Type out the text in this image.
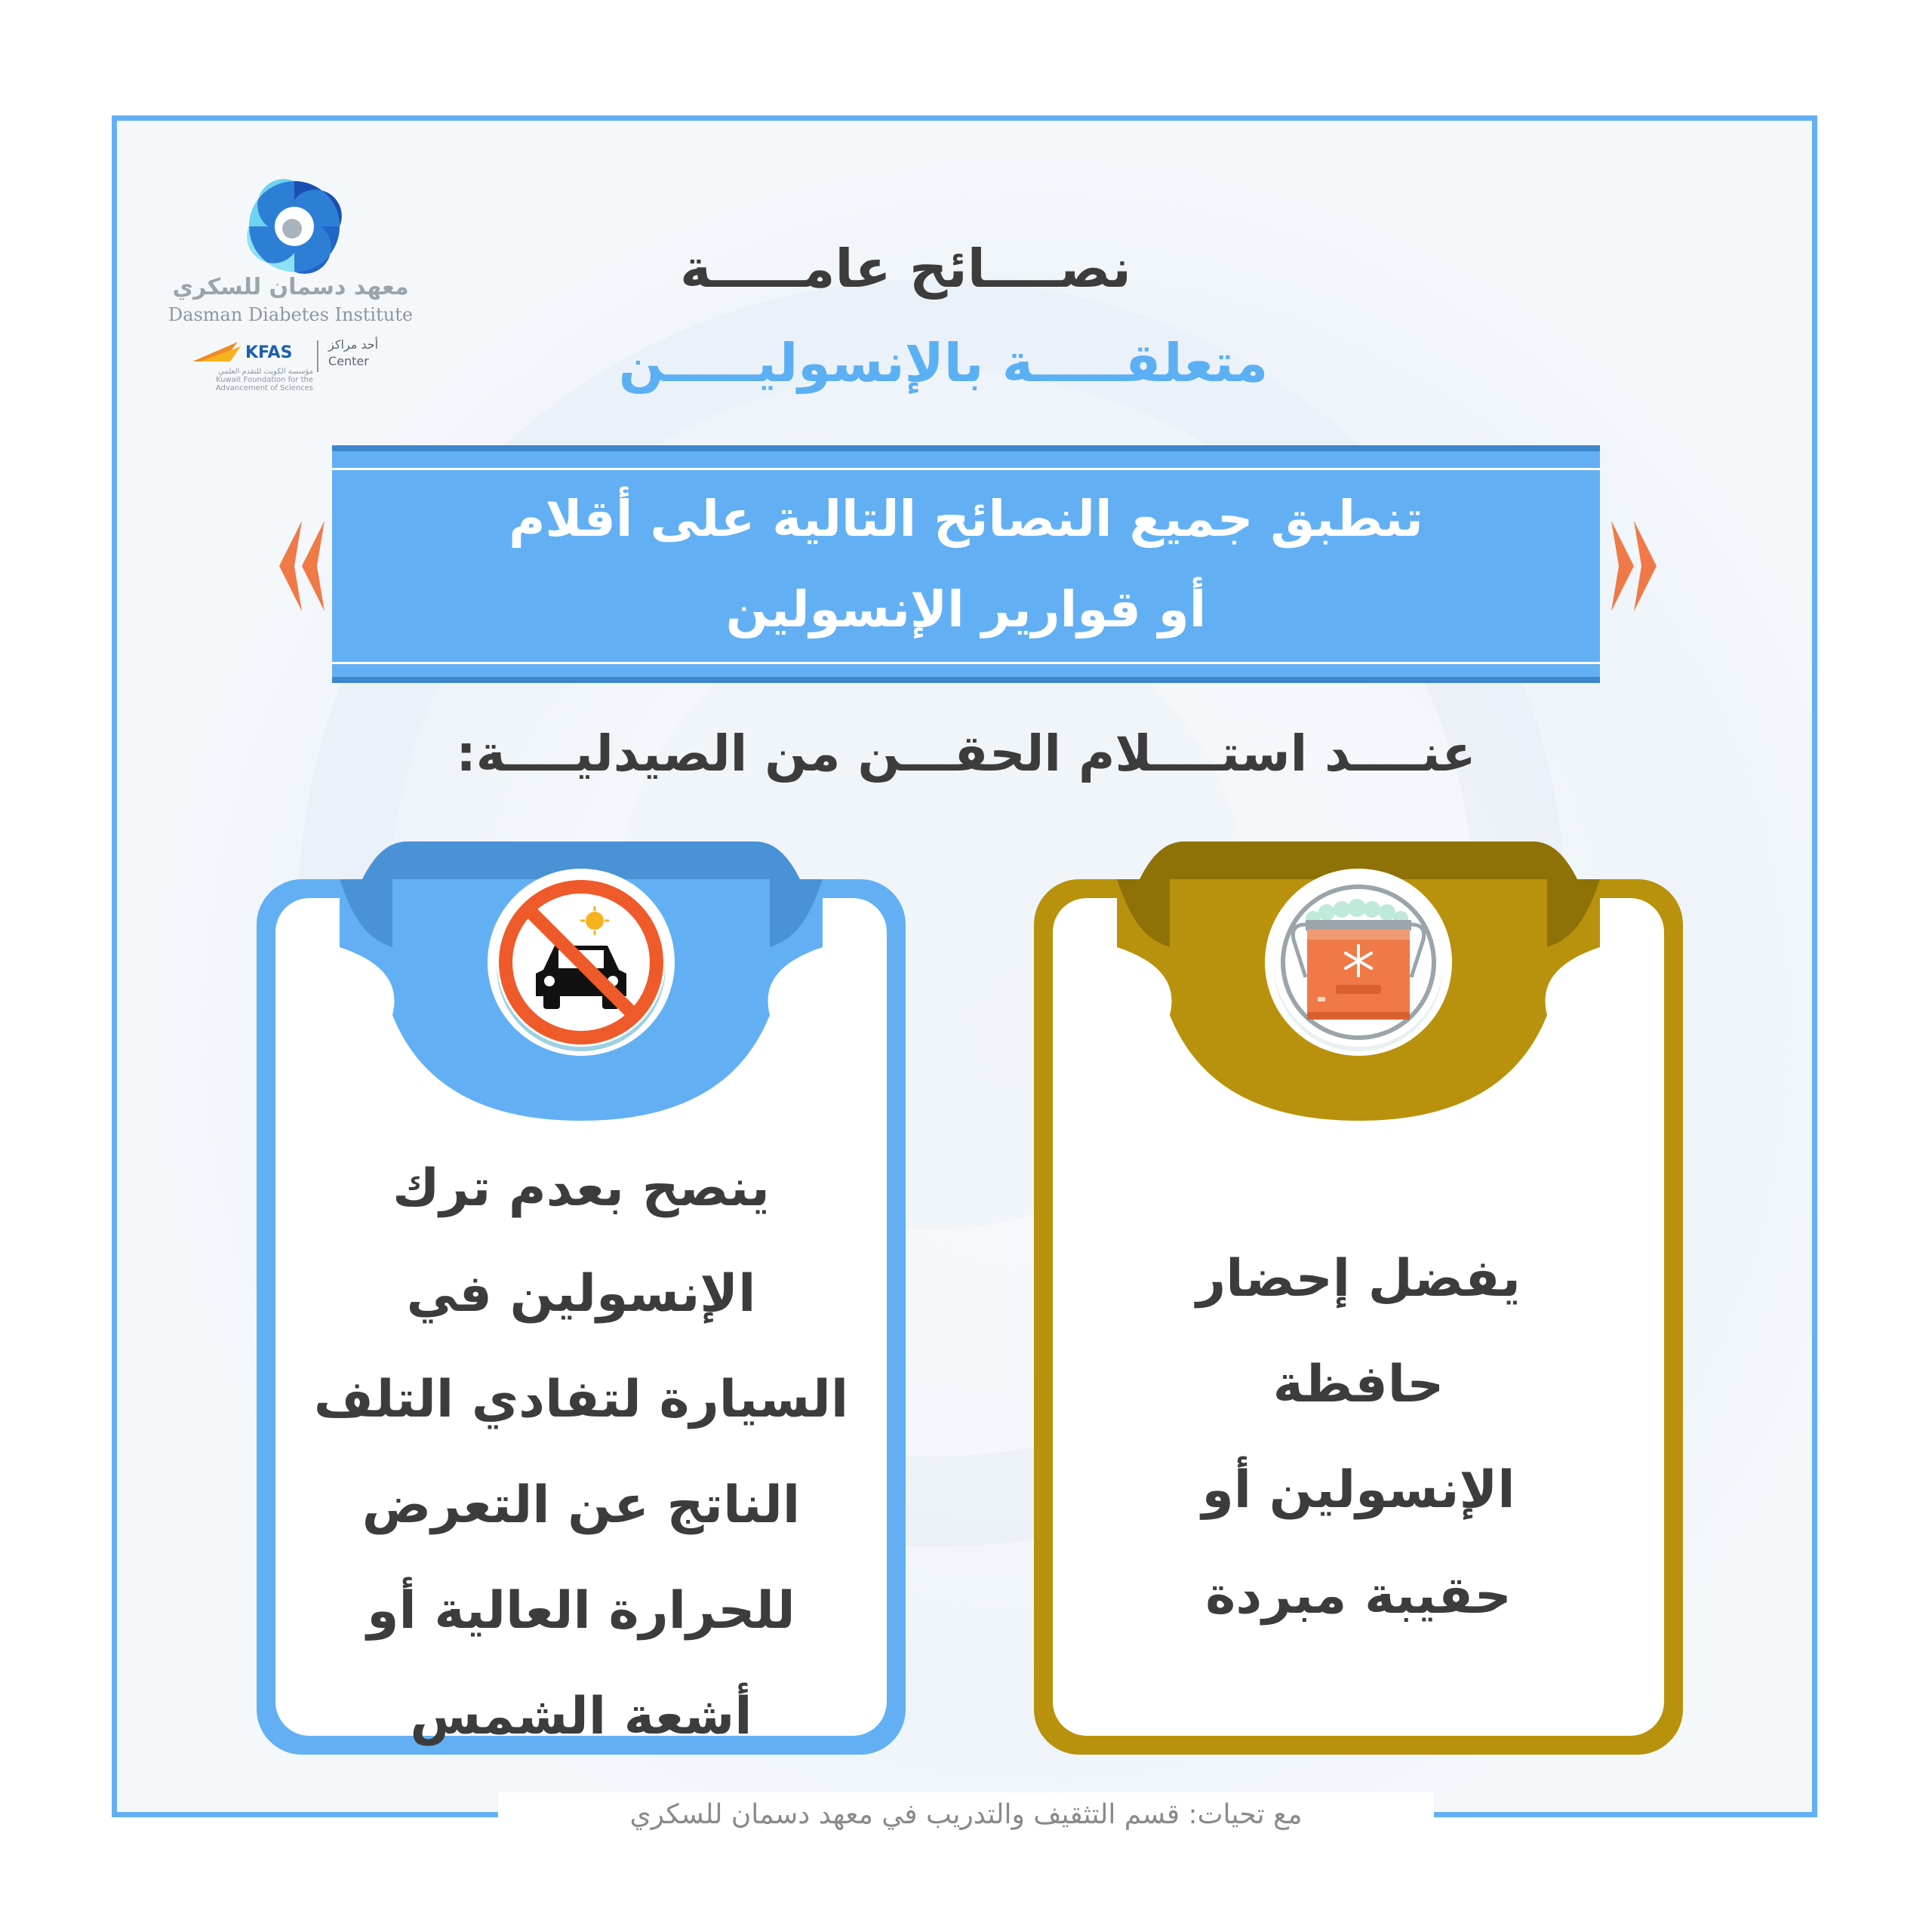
معهد دسمان للسكري
Dasman Diabetes Institute
KFAS
مؤسسة الكويت للتقدم العلمي Kuwait Foundation for the Advancement of Sciences
أحد مراكز
Center
نصــــائح عامـــــة
متعلقـــــة بالإنسوليـــــن
تنطبق جميع النصائح التالية على أقلام
أو قوارير الإنسولين
عنــــد استــــلام الحقـــن من الصيدليــــة:
ينصح بعدم ترك
الإنسولين في
السيارة لتفادي التلف
الناتج عن التعرض
للحرارة العالية أو
أشعة الشمس
يفضل إحضار
حافظة
الإنسولين أو
حقيبة مبردة
مع تحيات: قسم التثقيف والتدريب في معهد دسمان للسكري
